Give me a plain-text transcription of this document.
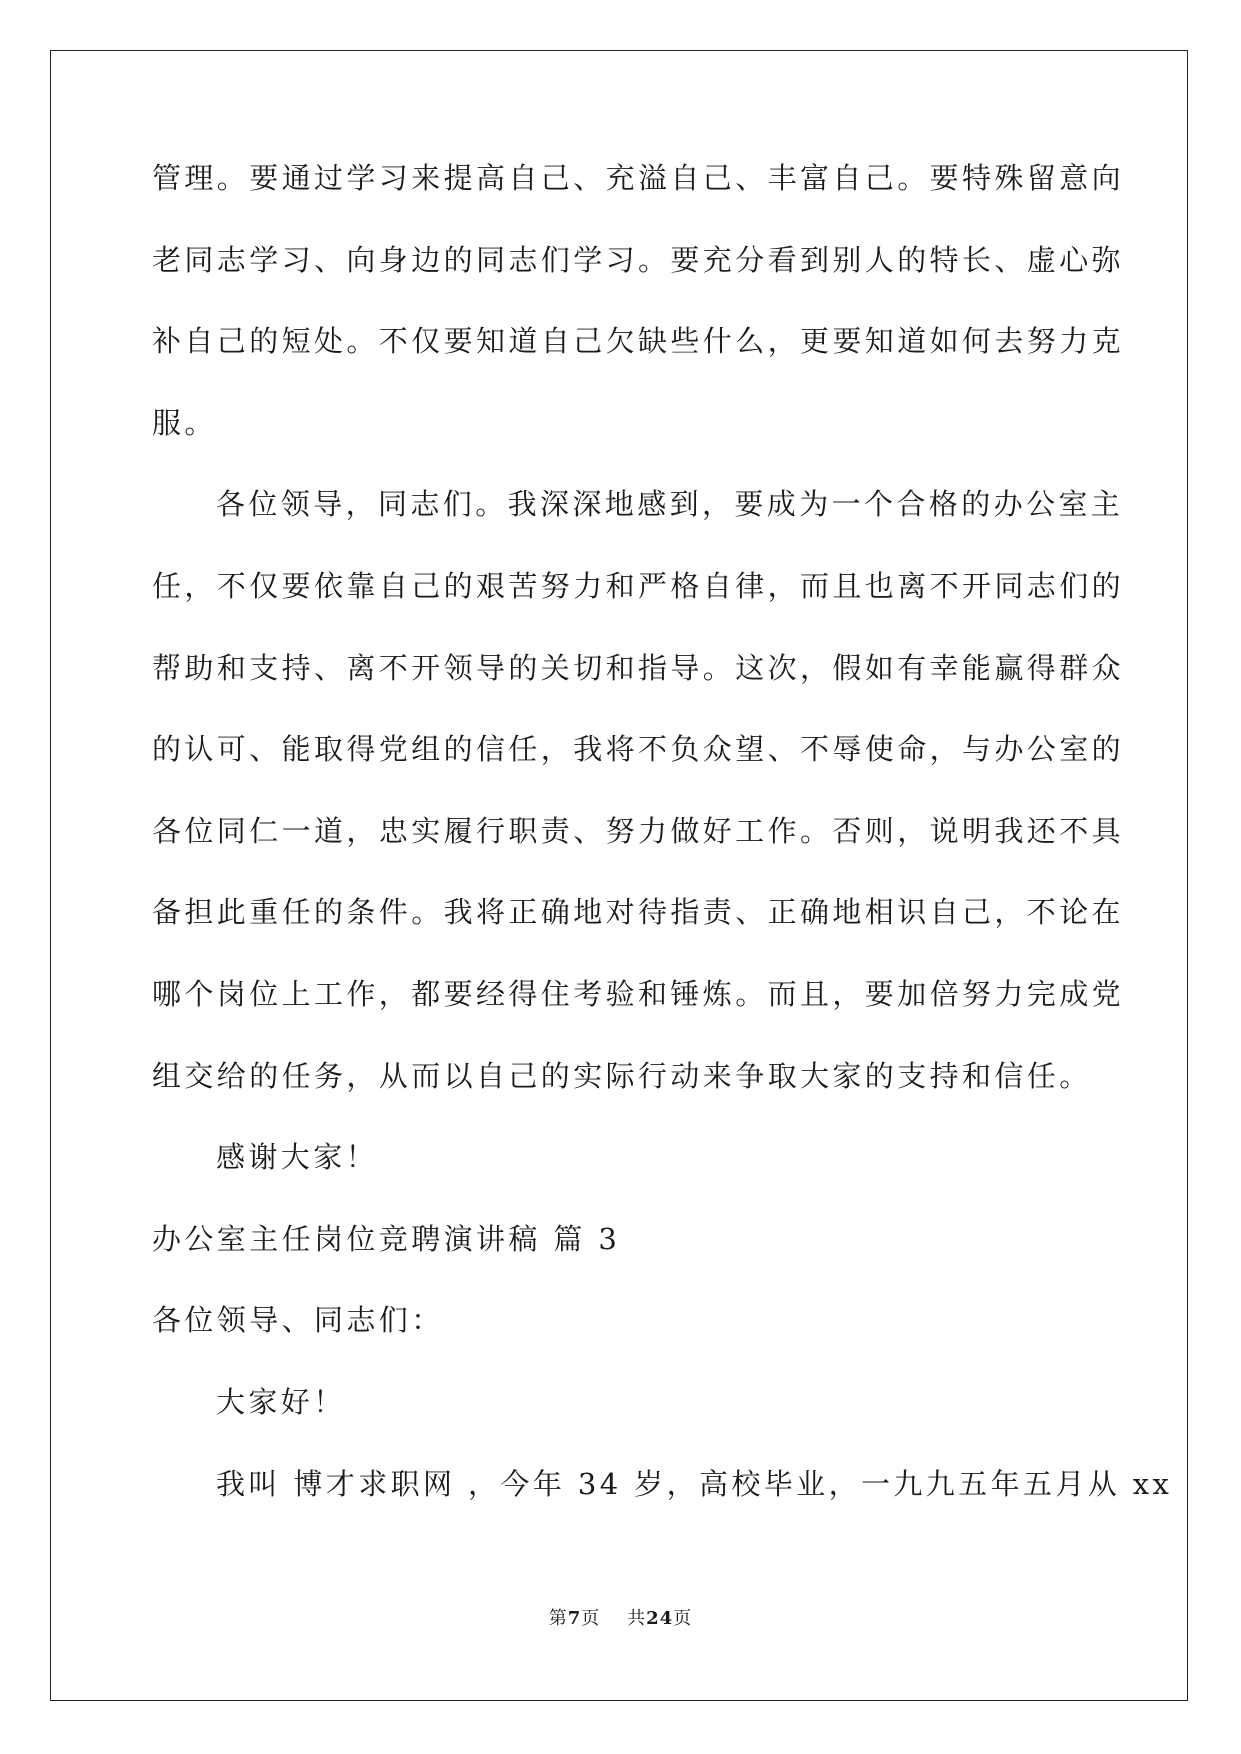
管理。要通过学习来提高自己、充溢自己、丰富自己。要特殊留意向
老同志学习、向身边的同志们学习。要充分看到别人的特长、虚心弥
补自己的短处。不仅要知道自己欠缺些什么，更要知道如何去努力克
服。
各位领导，同志们。我深深地感到，要成为一个合格的办公室主
任，不仅要依靠自己的艰苦努力和严格自律，而且也离不开同志们的
帮助和支持、离不开领导的关切和指导。这次，假如有幸能赢得群众
的认可、能取得党组的信任，我将不负众望、不辱使命，与办公室的
各位同仁一道，忠实履行职责、努力做好工作。否则，说明我还不具
备担此重任的条件。我将正确地对待指责、正确地相识自己，不论在
哪个岗位上工作，都要经得住考验和锤炼。而且，要加倍努力完成党
组交给的任务，从而以自己的实际行动来争取大家的支持和信任。
感谢大家！
办公室主任岗位竞聘演讲稿 篇 3
各位领导、同志们：
大家好！
我叫 博才求职网 ，今年 34 岁，高校毕业，一九九五年五月从 xx
第7页 共24页
